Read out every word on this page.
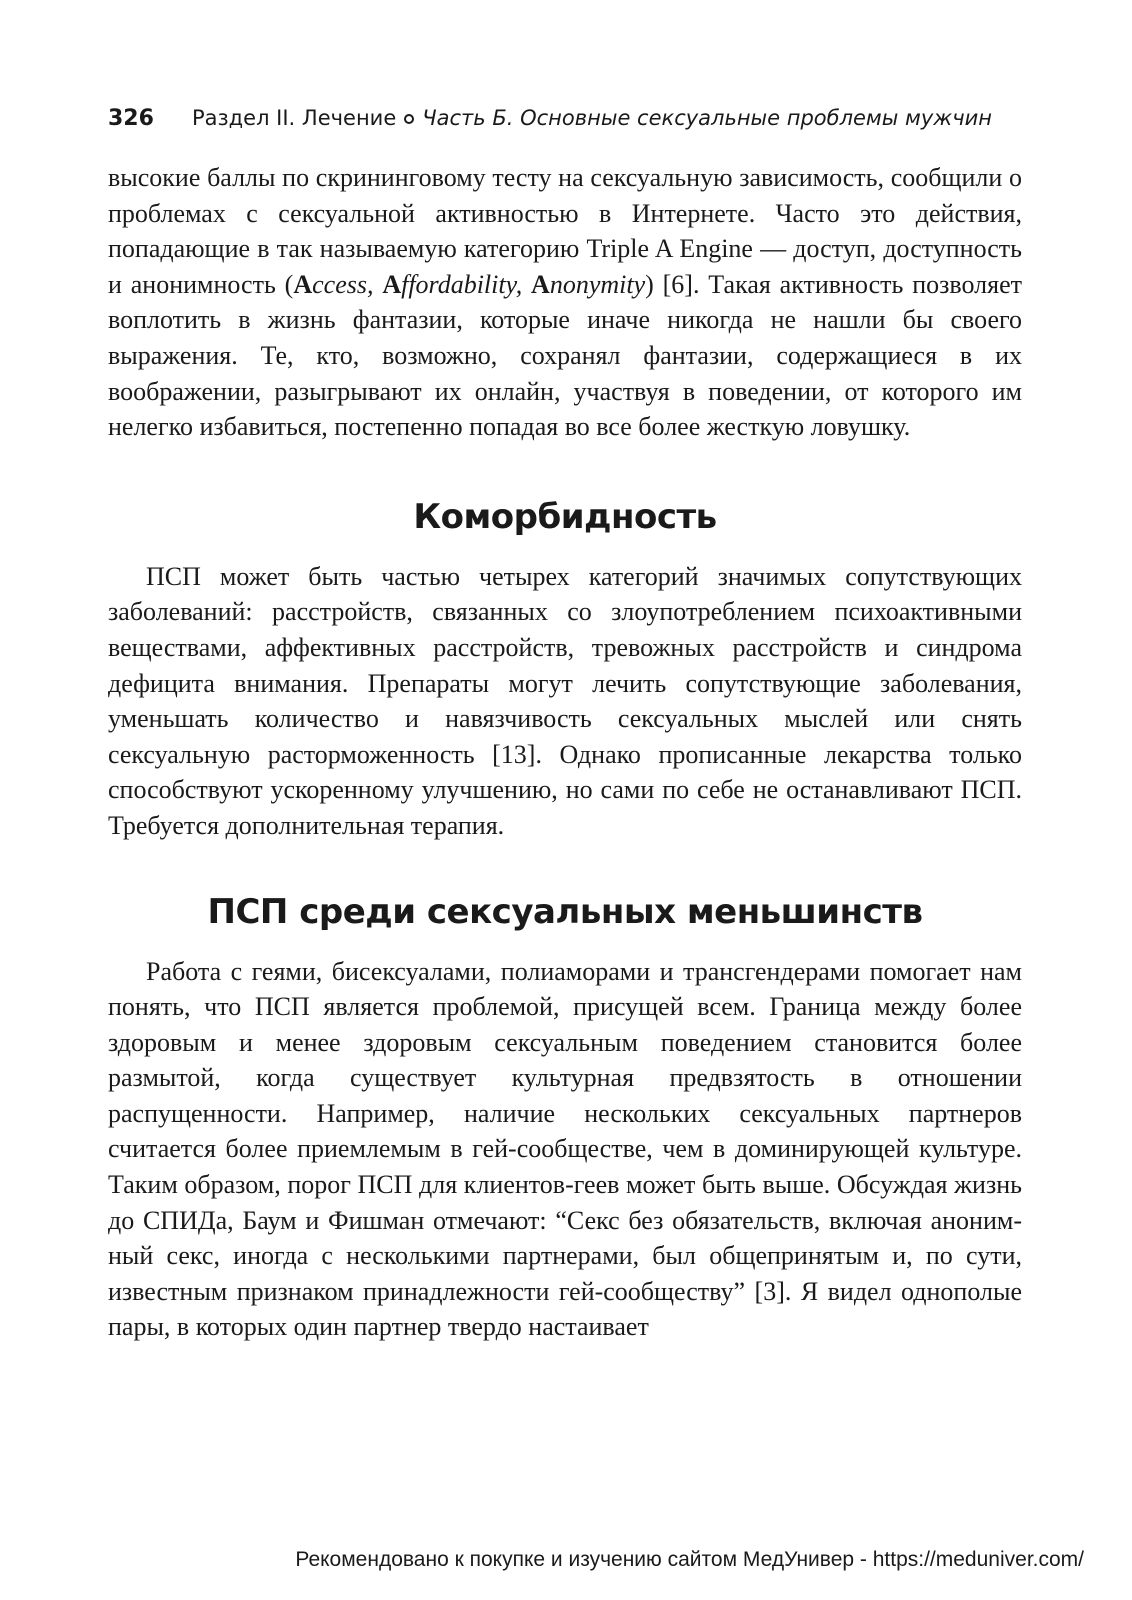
326 Раздел II. Лечение Часть Б. Основные сексуальные проблемы мужчин

высокие баллы по скрининговому тесту на сексуальную зависимость, сообщили о проблемах с сексуальной активностью в Интернете. Часто это действия, попадающие в так называемую категорию Triple A Engine — доступ, доступность и анонимность (Access, Affordability, Anonymity) [6]. Такая активность позволяет воплотить в жизнь фантазии, которые иначе никогда не нашли бы своего выражения. Те, кто, возможно, сохранял фантазии, содержащиеся в их воображении, разыгрывают их онлайн, участвуя в поведении, от которого им нелегко избавиться, постепенно попадая во все более жесткую ловушку.

Коморбидность

ПСП может быть частью четырех категорий значимых сопутствующих заболеваний: расстройств, связанных со злоупотреблением психоактивными веществами, аффективных расстройств, тревожных расстройств и синдрома дефицита внимания. Препараты могут лечить сопутствующие заболевания, уменьшать количество и навязчивость сексуальных мыслей или снять сексуальную расторможенность [13]. Однако прописанные лекарства только способствуют ускоренному улучшению, но сами по себе не останавливают ПСП. Требуется дополнительная терапия.

ПСП среди сексуальных меньшинств

Работа с геями, бисексуалами, полиаморами и трансгендерами помогает нам понять, что ПСП является проблемой, присущей всем. Граница между более здоровым и менее здоровым сексуальным поведением становится более размытой, когда существует культурная предвзятость в отношении распущенности. Например, наличие нескольких сексуальных партнеров считается более приемлемым в гей-сообществе, чем в доминирующей культуре. Таким образом, порог ПСП для клиентов-геев может быть выше. Обсуждая жизнь до СПИДа, Баум и Фишман отмечают: “Секс без обязательств, включая анонимный секс, иногда с несколькими партнерами, был общепринятым и, по сути, известным признаком принадлежности гей-сообществу” [3]. Я видел однополые пары, в которых один партнер твердо настаивает

Рекомендовано к покупке и изучению сайтом МедУнивер - https://meduniver.com/
